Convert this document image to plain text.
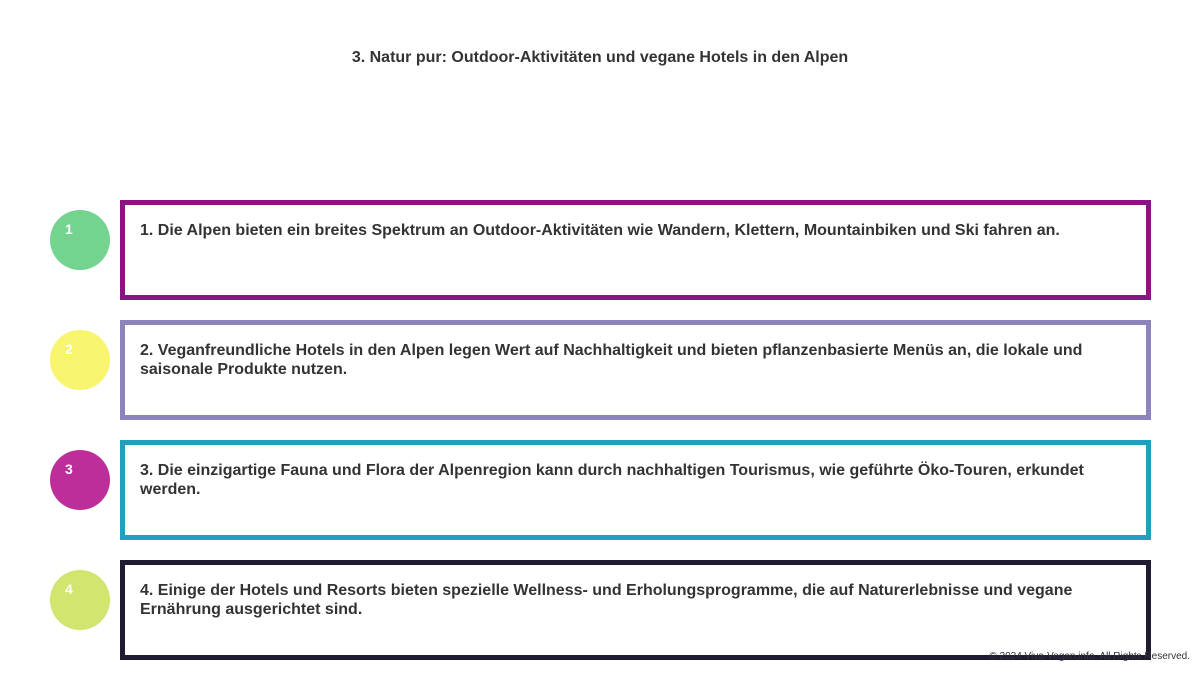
3. Natur pur: Outdoor-Aktivitäten und vegane Hotels in den Alpen
1	1. Die Alpen bieten ein breites Spektrum an Outdoor-Aktivitäten wie Wandern, Klettern, Mountainbiken und Ski fahren an.
2	2. Veganfreundliche Hotels in den Alpen legen Wert auf Nachhaltigkeit und bieten pflanzenbasierte Menüs an, die lokale und saisonale Produkte nutzen.
3	3. Die einzigartige Fauna und Flora der Alpenregion kann durch nachhaltigen Tourismus, wie geführte Öko-Touren, erkundet werden.
4	4. Einige der Hotels und Resorts bieten spezielle Wellness- und Erholungsprogramme, die auf Naturerlebnisse und vegane Ernährung ausgerichtet sind.
© 2024 Viva-Vegan.info. All Rights Reserved.
